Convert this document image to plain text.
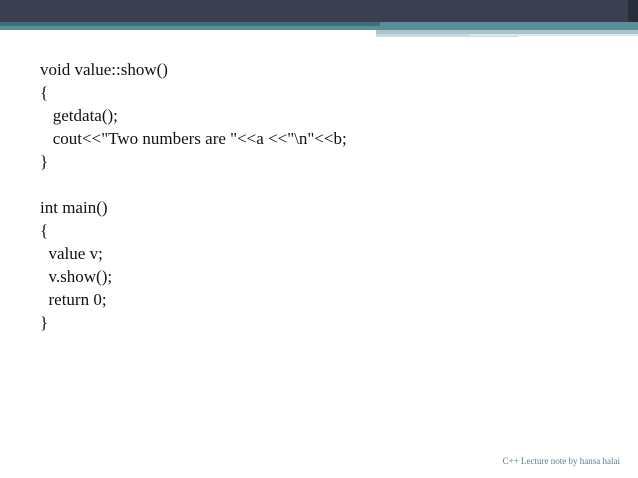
void value::show()
{
getdata();
cout<<"Two numbers are "<<a <<"\n"<<b;
}
int main()
{
value v;
v.show();
return 0;
}
C++ Lecture note by hansa halai
